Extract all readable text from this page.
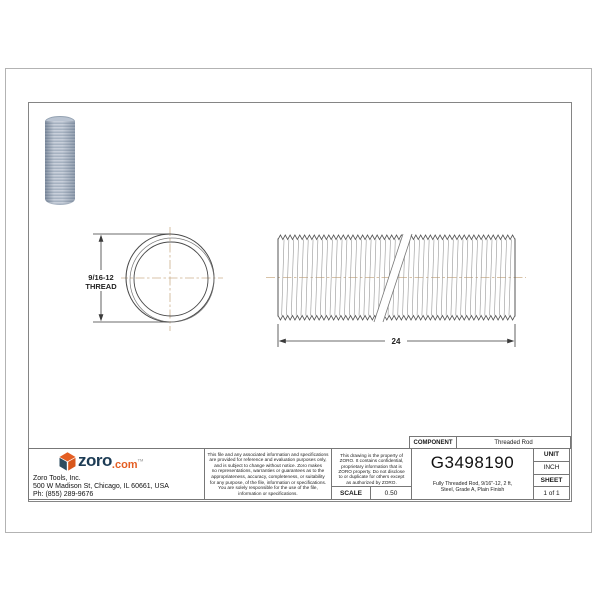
9/16-12
THREAD
24
COMPONENT	Threaded Rod
zoro.com™
Zoro Tools, Inc.
500 W Madison St, Chicago, IL 60661, USA
Ph: (855) 289-9676
This file and any associated information and specifications
are provided for reference and evaluation purposes only,
and is subject to change without notice. Zoro makes
no representations, warranties or guarantees as to the
appropriateness, accuracy, completeness, or suitability
for any purpose, of the file, information or specifications.
You are solely responsible for the use of the file,
information or specifications.
This drawing is the property of
ZORO. It contains confidential,
proprietary information that is
ZORO property. Do not disclose
to or duplicate for others except
as authorized by ZORO.
SCALE	0.50
G3498190
Fully Threaded Rod, 9/16"-12, 2 ft,
Steel, Grade A, Plain Finish
UNIT
INCH
SHEET
1 of 1
